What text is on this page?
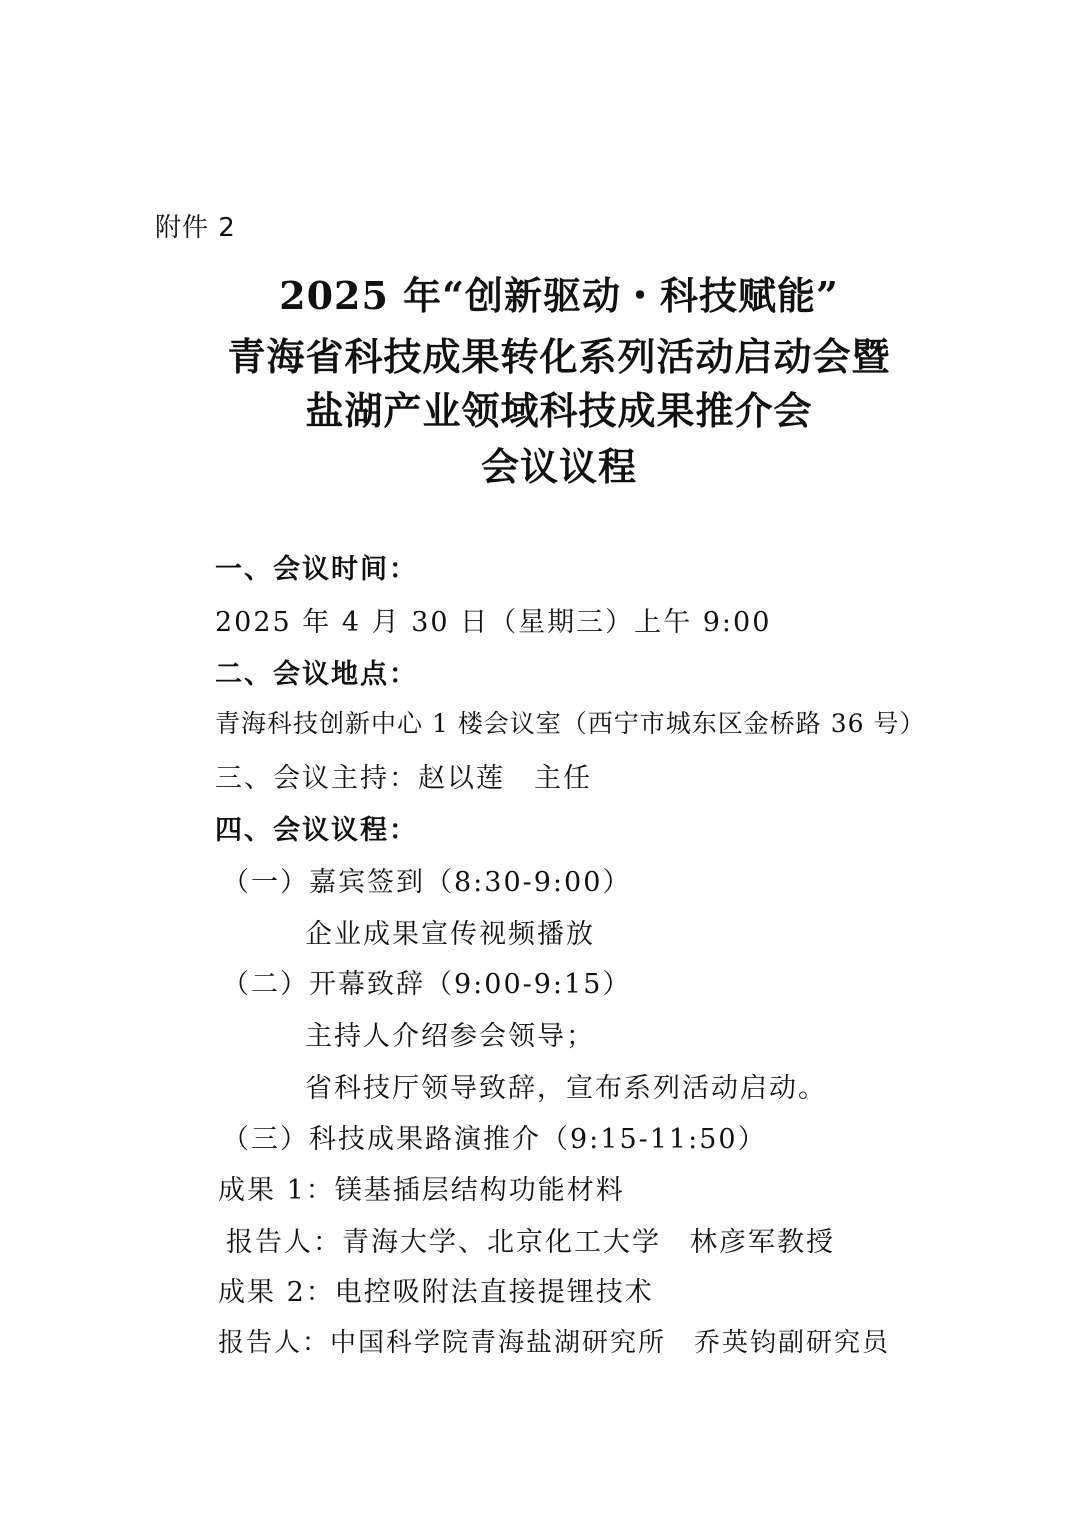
附件 2
2025 年“创新驱动・科技赋能”
青海省科技成果转化系列活动启动会暨
盐湖产业领域科技成果推介会
会议议程
一、会议时间：
2025 年 4 月 30 日（星期三）上午 9:00
二、会议地点：
青海科技创新中心 1 楼会议室（西宁市城东区金桥路 36 号）
三、会议主持：赵以莲　主任
四、会议议程：
（一）嘉宾签到（8:30-9:00）
企业成果宣传视频播放
（二）开幕致辞（9:00-9:15）
主持人介绍参会领导；
省科技厅领导致辞，宣布系列活动启动。
（三）科技成果路演推介（9:15-11:50）
成果 1：镁基插层结构功能材料
报告人：青海大学、北京化工大学　林彦军教授
成果 2：电控吸附法直接提锂技术
报告人：中国科学院青海盐湖研究所　乔英钧副研究员
